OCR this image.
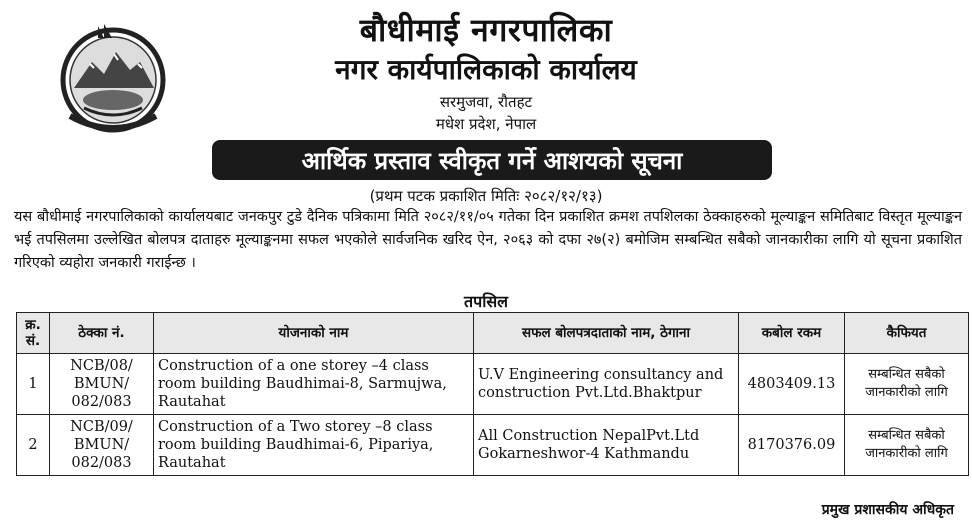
बौधीमाई नगरपालिका
नगर कार्यपालिकाको कार्यालय
सरमुजवा, रौतहट
मधेश प्रदेश, नेपाल
आर्थिक प्रस्ताव स्वीकृत गर्ने आशयको सूचना
(प्रथम पटक प्रकाशित मितिः २०८२/१२/१३)
यस बौधीमाई नगरपालिकाको कार्यालयबाट जनकपुर टुडे दैनिक पत्रिकामा मिति २०८२/११/०५ गतेका दिन प्रकाशित क्रमश तपशिलका ठेक्काहरुको मूल्याङ्कन समितिबाट विस्तृत मूल्याङ्कन भई तपसिलमा उल्लेखित बोलपत्र दाताहरु मूल्याङ्कनमा सफल भएकोले सार्वजनिक खरिद ऐन, २०६३ को दफा २७(२) बमोजिम सम्बन्धित सबैको जानकारीका लागि यो सूचना प्रकाशित गरिएको व्यहोरा जनकारी गराईन्छ ।
तपसिल
क्र. सं.	ठेक्का नं.	योजनाको नाम	सफल बोलपत्रदाताको नाम, ठेगाना	कबोल रकम	कैफियत
1	NCB/08/ BMUN/ 082/083	Construction of a one storey –4 class room building Baudhimai-8, Sarmujwa, Rautahat	U.V Engineering consultancy and construction Pvt.Ltd.Bhaktpur	4803409.13	सम्बन्धित सबैको जानकारीको लागि
2	NCB/09/ BMUN/ 082/083	Construction of a Two storey –8 class room building Baudhimai-6, Pipariya, Rautahat	All Construction NepalPvt.Ltd Gokarneshwor-4 Kathmandu	8170376.09	सम्बन्धित सबैको जानकारीको लागि
प्रमुख प्रशासकीय अधिकृत
